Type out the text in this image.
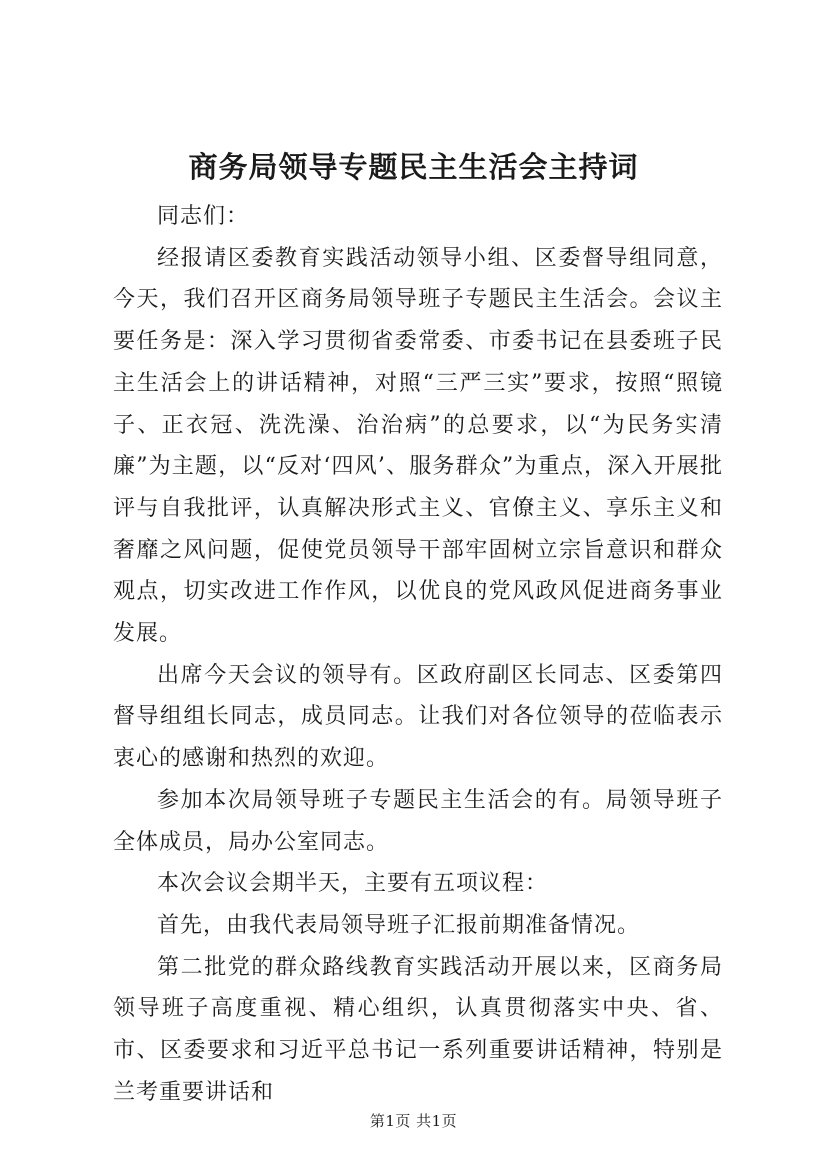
商务局领导专题民主生活会主持词

同志们：

经报请区委教育实践活动领导小组、区委督导组同意，今天，我们召开区商务局领导班子专题民主生活会。会议主要任务是：深入学习贯彻省委常委、市委书记在县委班子民主生活会上的讲话精神，对照“三严三实”要求，按照“照镜子、正衣冠、洗洗澡、治治病”的总要求，以“为民务实清廉”为主题，以“反对‘四风’、服务群众”为重点，深入开展批评与自我批评，认真解决形式主义、官僚主义、享乐主义和奢靡之风问题，促使党员领导干部牢固树立宗旨意识和群众观点，切实改进工作作风，以优良的党风政风促进商务事业发展。

出席今天会议的领导有。区政府副区长同志、区委第四督导组组长同志，成员同志。让我们对各位领导的莅临表示衷心的感谢和热烈的欢迎。

参加本次局领导班子专题民主生活会的有。局领导班子全体成员，局办公室同志。

本次会议会期半天，主要有五项议程：

首先，由我代表局领导班子汇报前期准备情况。

第二批党的群众路线教育实践活动开展以来，区商务局领导班子高度重视、精心组织，认真贯彻落实中央、省、市、区委要求和习近平总书记一系列重要讲话精神，特别是兰考重要讲话和

第1页 共1页
